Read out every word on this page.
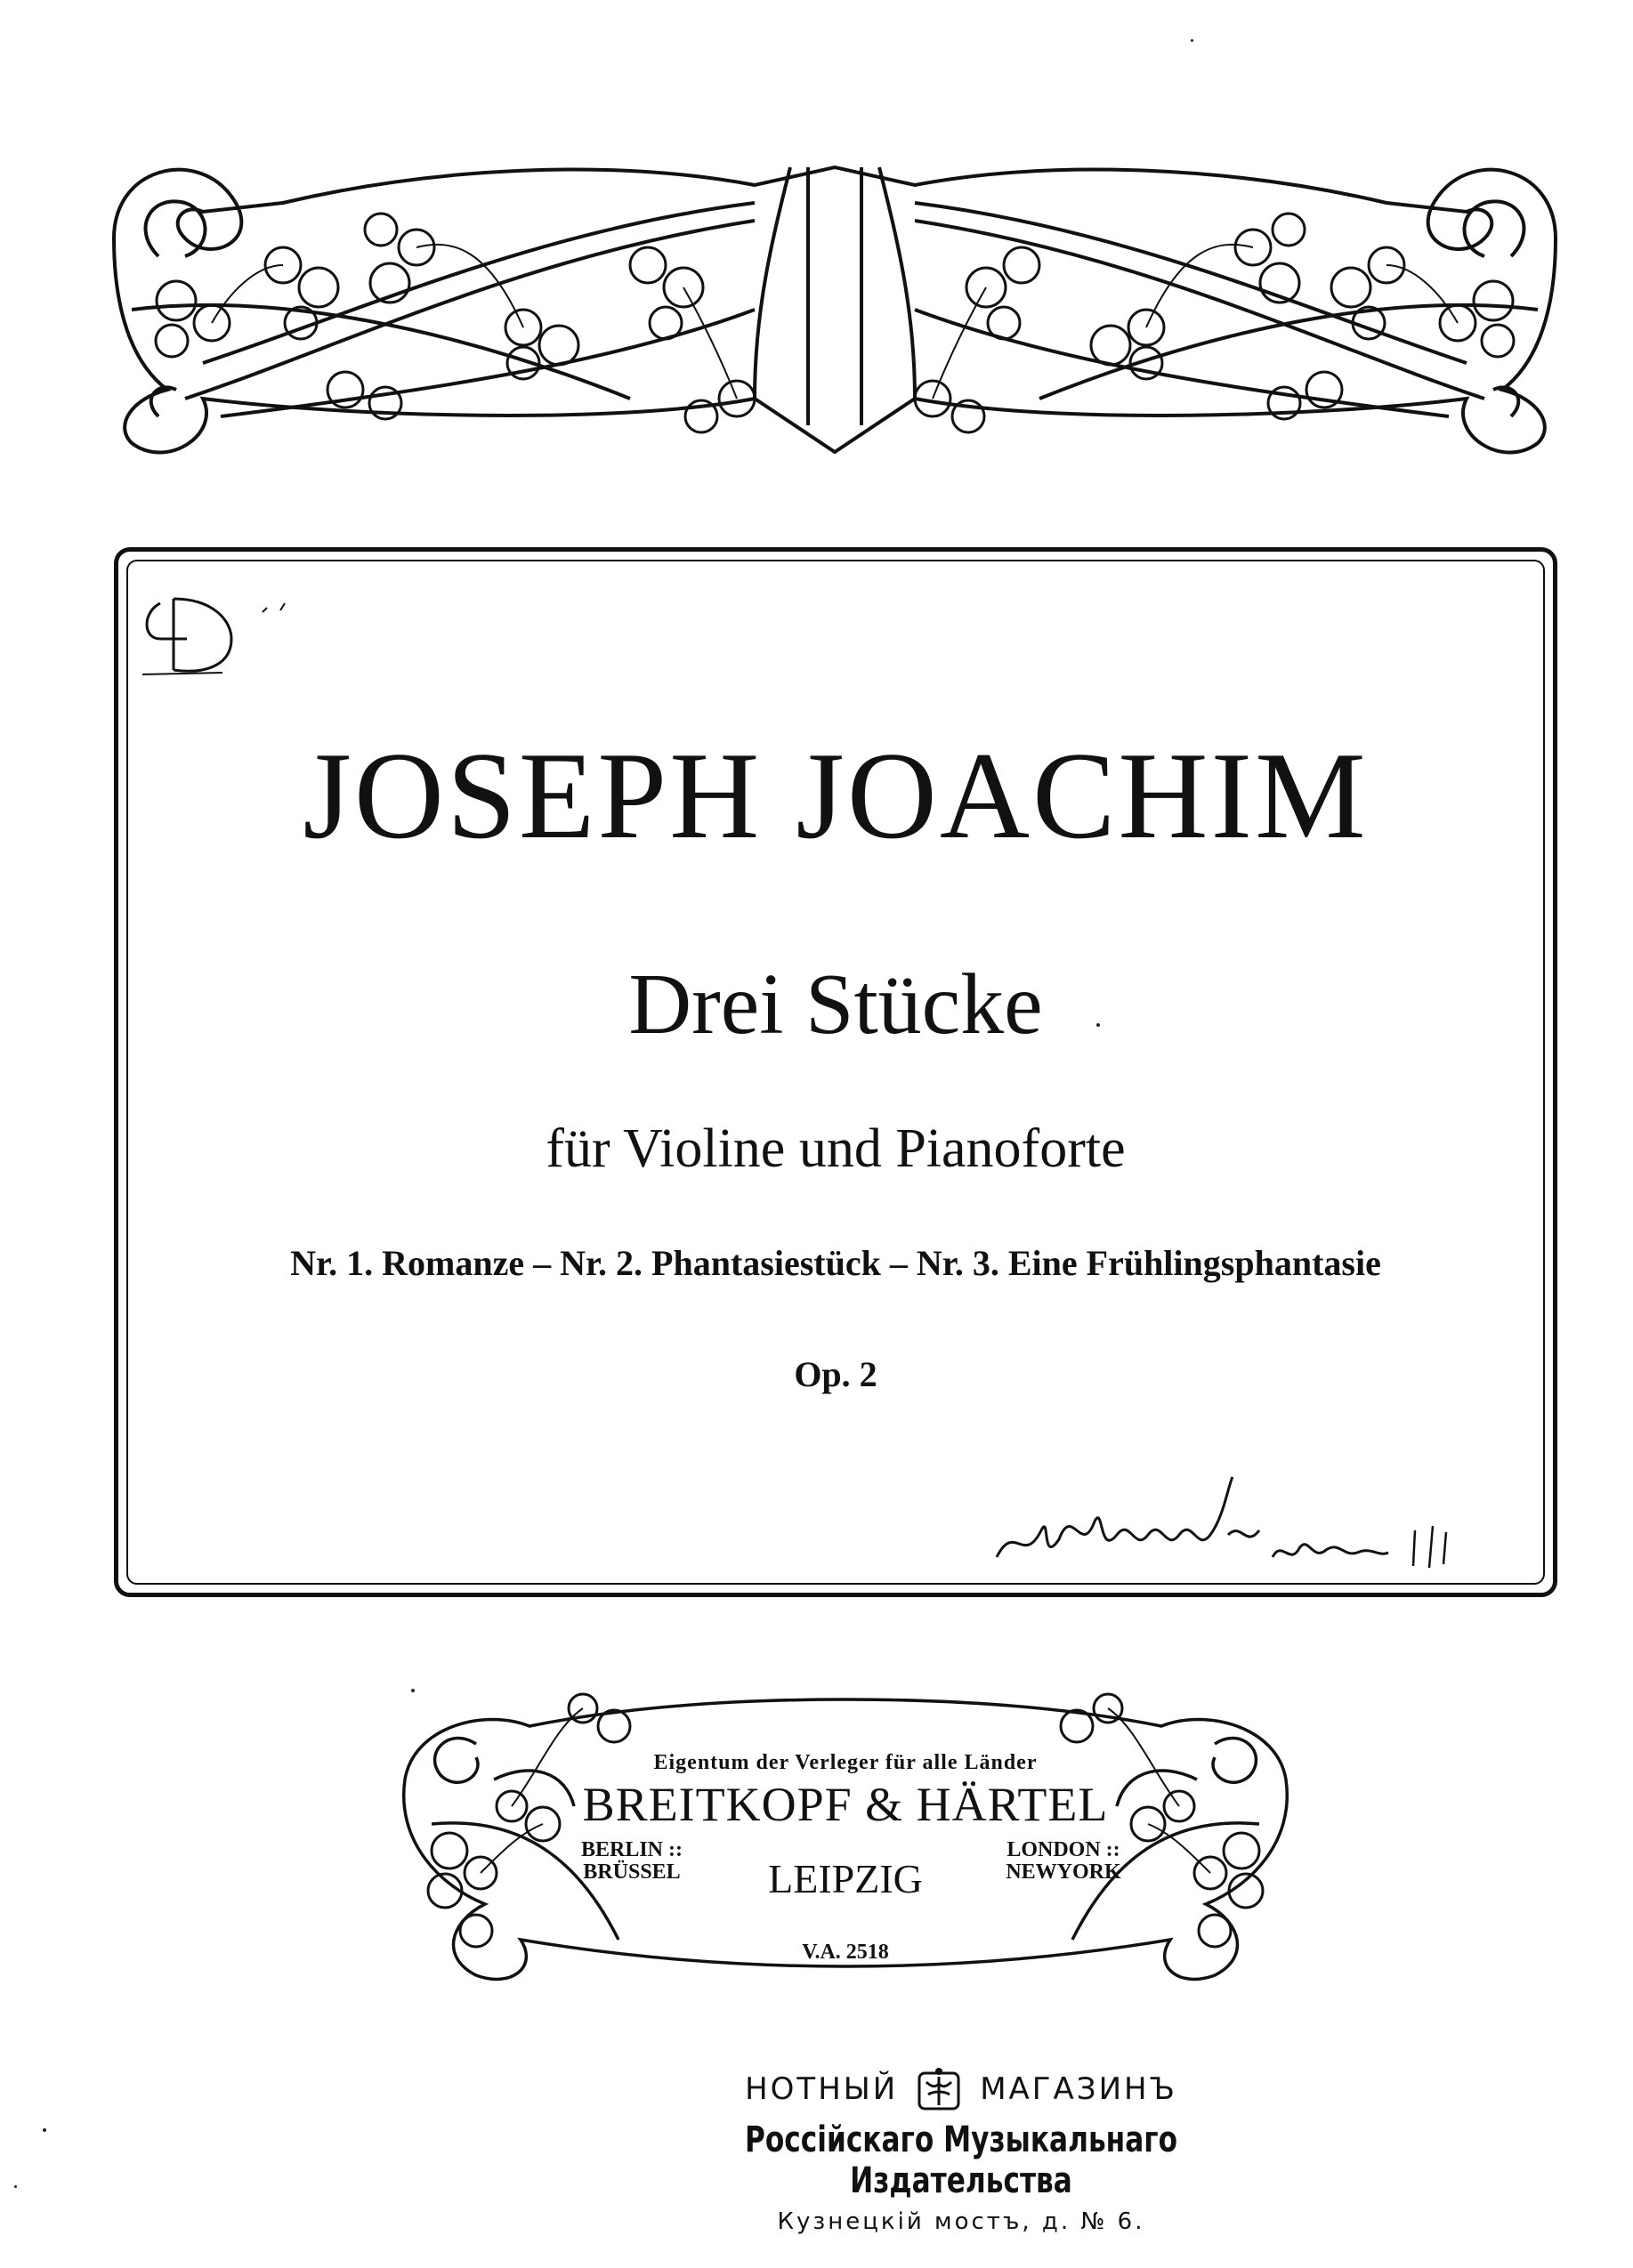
JOSEPH JOACHIM
Drei Stücke
für Violine und Pianoforte
Nr. 1. Romanze – Nr. 2. Phantasiestück – Nr. 3. Eine Frühlingsphantasie
Op. 2
Eigentum der Verleger für alle Länder
BREITKOPF & HÄRTEL
BERLIN ::
BRÜSSEL	LEIPZIG
LONDON ::
NEWYORK
V.A. 2518
НОТНЫЙ	МАГАЗИНЪ
Россійскаго Музыкальнаго Издательства
Кузнецкій мостъ, д. № 6.
